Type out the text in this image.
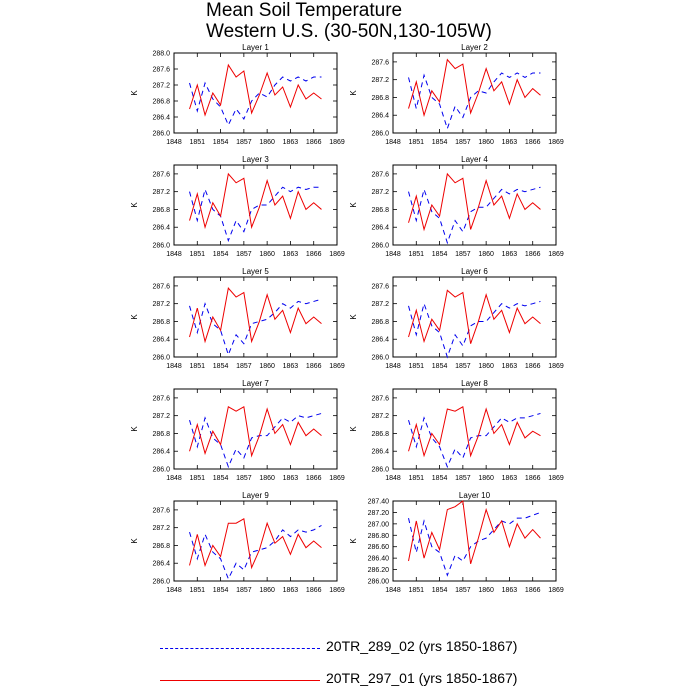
Mean Soil Temperature
Western U.S. (30-50N,130-105W)
Layer 1
K
1848 1851 1854 1857 1860 1863 1866 1869
286.0
286.4
286.8
287.2
287.6
288.0
Layer 2
K
1848 1851 1854 1857 1860 1863 1866 1869
286.0
286.4
286.8
287.2
287.6
Layer 3
K
1848 1851 1854 1857 1860 1863 1866 1869
286.0
286.4
286.8
287.2
287.6
Layer 4
K
1848 1851 1854 1857 1860 1863 1866 1869
286.0
286.4
286.8
287.2
287.6
Layer 5
K
1848 1851 1854 1857 1860 1863 1866 1869
286.0
286.4
286.8
287.2
287.6
Layer 6
K
1848 1851 1854 1857 1860 1863 1866 1869
286.0
286.4
286.8
287.2
287.6
Layer 7
K
1848 1851 1854 1857 1860 1863 1866 1869
286.0
286.4
286.8
287.2
287.6
Layer 8
K
1848 1851 1854 1857 1860 1863 1866 1869
286.0
286.4
286.8
287.2
287.6
Layer 9
K
1848 1851 1854 1857 1860 1863 1866 1869
286.0
286.4
286.8
287.2
287.6
Layer 10
K
1848 1851 1854 1857 1860 1863 1866 1869
286.00
286.20
286.40
286.60
286.80
287.00
287.20
287.40
20TR_289_02 (yrs 1850-1867)
20TR_297_01 (yrs 1850-1867)
